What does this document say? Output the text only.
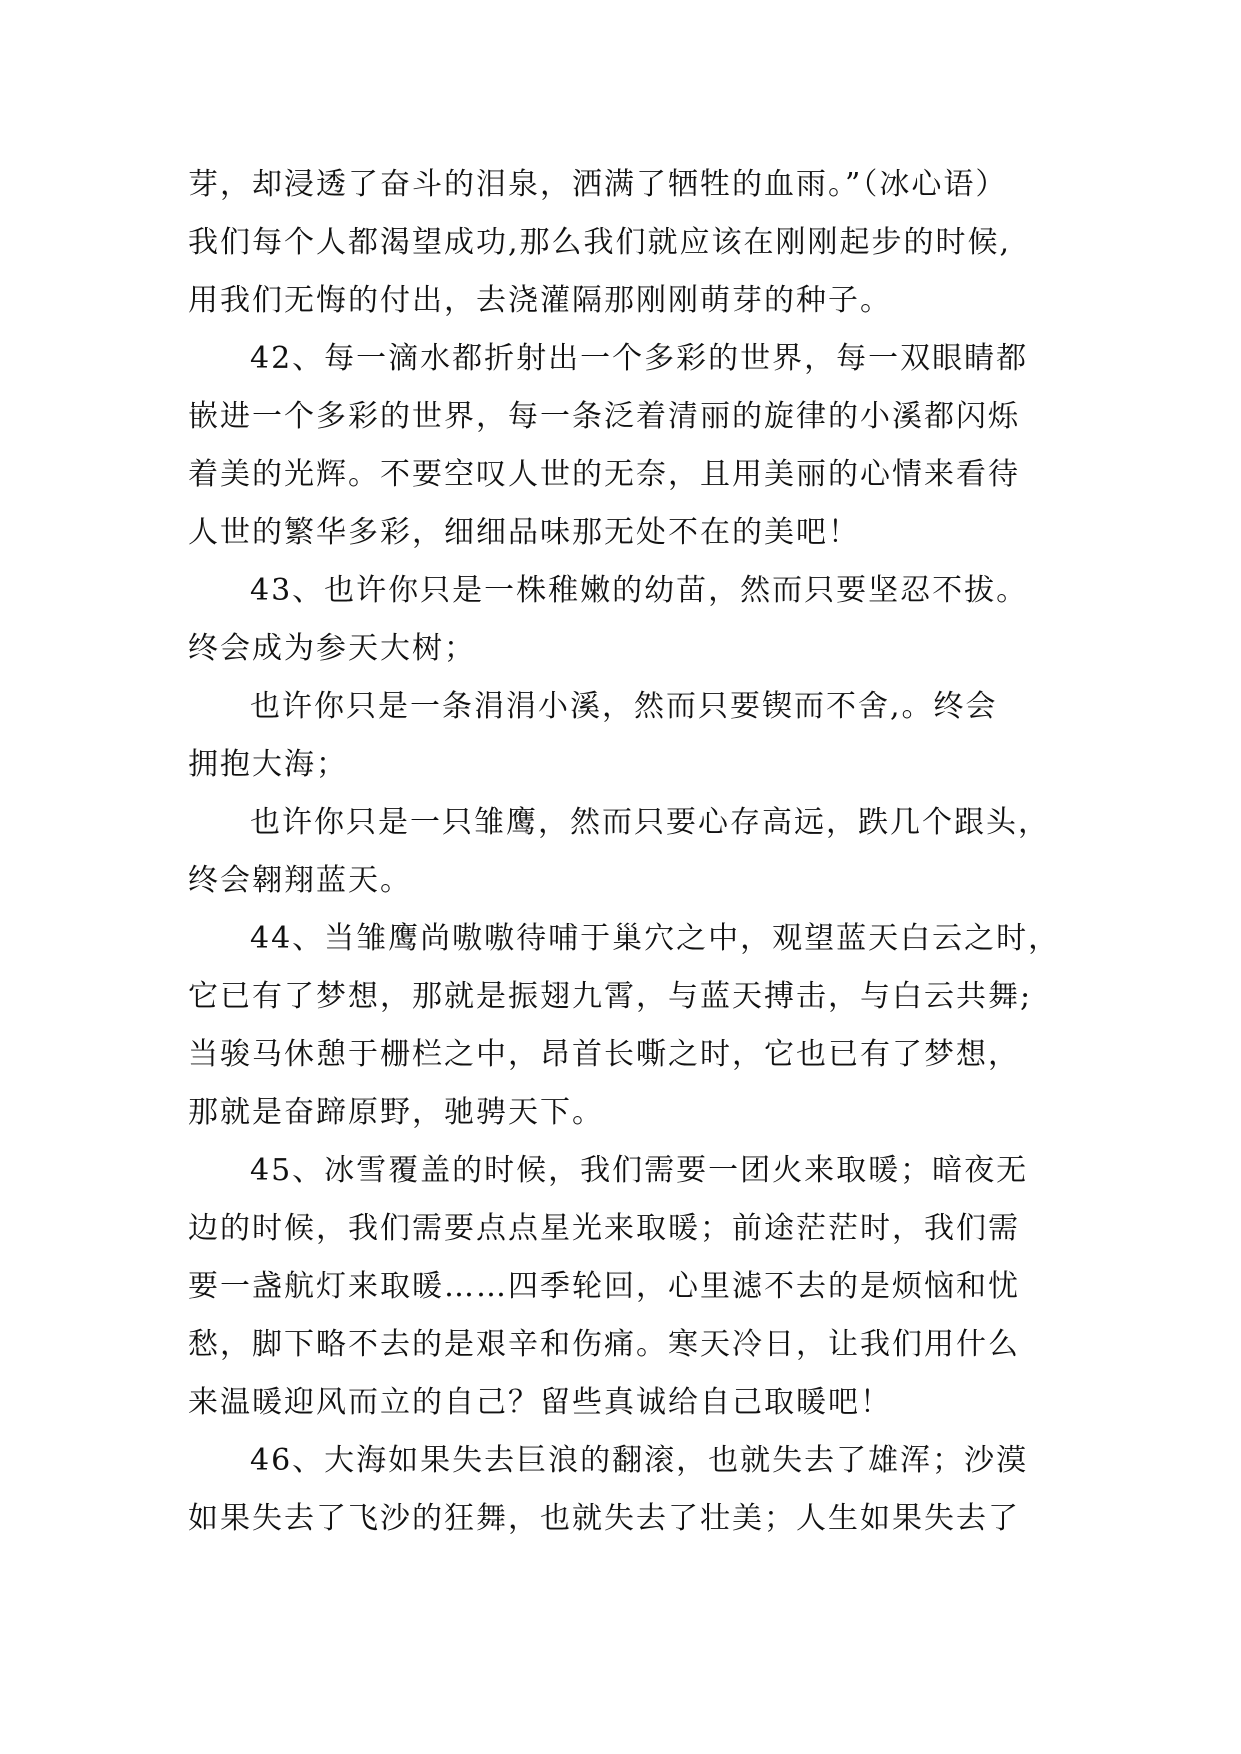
芽，却浸透了奋斗的泪泉，洒满了牺牲的血雨。”（冰心语）
我们每个人都渴望成功,那么我们就应该在刚刚起步的时候,
用我们无悔的付出，去浇灌隔那刚刚萌芽的种子。
42、每一滴水都折射出一个多彩的世界，每一双眼睛都
嵌进一个多彩的世界，每一条泛着清丽的旋律的小溪都闪烁
着美的光辉。不要空叹人世的无奈，且用美丽的心情来看待
人世的繁华多彩，细细品味那无处不在的美吧！
43、也许你只是一株稚嫩的幼苗，然而只要坚忍不拔。
终会成为参天大树；
也许你只是一条涓涓小溪，然而只要锲而不舍,。终会
拥抱大海；
也许你只是一只雏鹰，然而只要心存高远，跌几个跟头，
终会翱翔蓝天。
44、当雏鹰尚嗷嗷待哺于巢穴之中，观望蓝天白云之时，
它已有了梦想，那就是振翅九霄，与蓝天搏击，与白云共舞;
当骏马休憩于栅栏之中，昂首长嘶之时，它也已有了梦想，
那就是奋蹄原野，驰骋天下。
45、冰雪覆盖的时候，我们需要一团火来取暖；暗夜无
边的时候，我们需要点点星光来取暖；前途茫茫时，我们需
要一盏航灯来取暖……四季轮回，心里滤不去的是烦恼和忧
愁，脚下略不去的是艰辛和伤痛。寒天冷日，让我们用什么
来温暖迎风而立的自己？留些真诚给自己取暖吧！
46、大海如果失去巨浪的翻滚，也就失去了雄浑；沙漠
如果失去了飞沙的狂舞，也就失去了壮美；人生如果失去了
